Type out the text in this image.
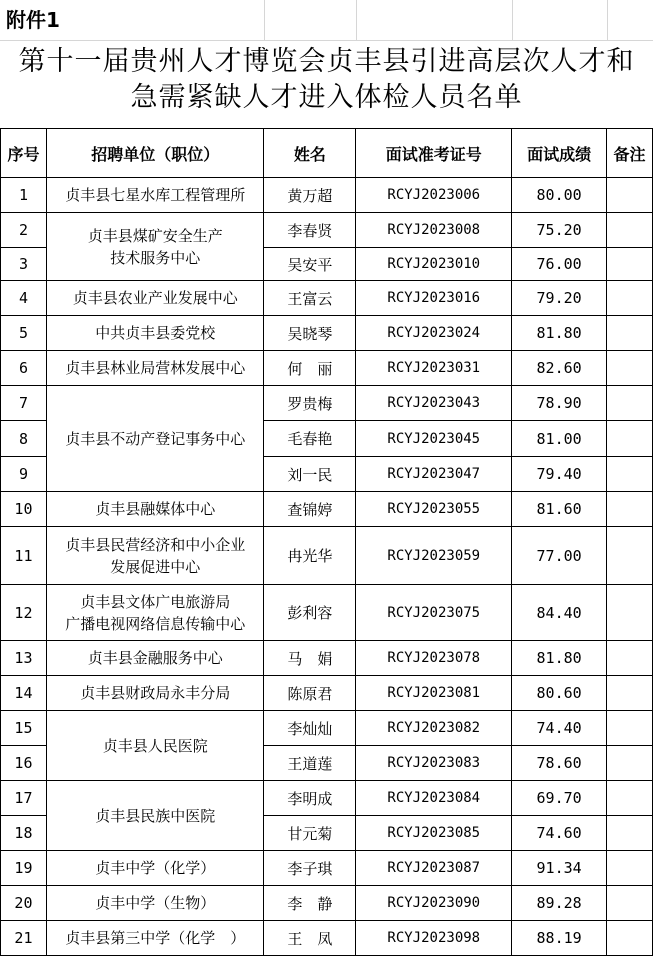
附件1
第十一届贵州人才博览会贞丰县引进高层次人才和
急需紧缺人才进入体检人员名单
序号	招聘单位（职位）	姓名	面试准考证号	面试成绩	备注
1	贞丰县七星水库工程管理所	黄万超	RCYJ2023006	80.00	
2	贞丰县煤矿安全生产
技术服务中心	李春贤	RCYJ2023008	75.20	
3		吴安平	RCYJ2023010	76.00	
4	贞丰县农业产业发展中心	王富云	RCYJ2023016	79.20	
5	中共贞丰县委党校	吴晓琴	RCYJ2023024	81.80	
6	贞丰县林业局营林发展中心	何　丽	RCYJ2023031	82.60	
7	贞丰县不动产登记事务中心	罗贵梅	RCYJ2023043	78.90	
8		毛春艳	RCYJ2023045	81.00	
9		刘一民	RCYJ2023047	79.40	
10	贞丰县融媒体中心	查锦婷	RCYJ2023055	81.60	
11	贞丰县民营经济和中小企业
发展促进中心	冉光华	RCYJ2023059	77.00	
12	贞丰县文体广电旅游局
广播电视网络信息传输中心	彭利容	RCYJ2023075	84.40	
13	贞丰县金融服务中心	马　娟	RCYJ2023078	81.80	
14	贞丰县财政局永丰分局	陈原君	RCYJ2023081	80.60	
15	贞丰县人民医院	李灿灿	RCYJ2023082	74.40	
16		王道莲	RCYJ2023083	78.60	
17	贞丰县民族中医院	李明成	RCYJ2023084	69.70	
18		甘元菊	RCYJ2023085	74.60	
19	贞丰中学（化学）	李子琪	RCYJ2023087	91.34	
20	贞丰中学（生物）	李　静	RCYJ2023090	89.28	
21	贞丰县第三中学（化学　）	王　凤	RCYJ2023098	88.19	
